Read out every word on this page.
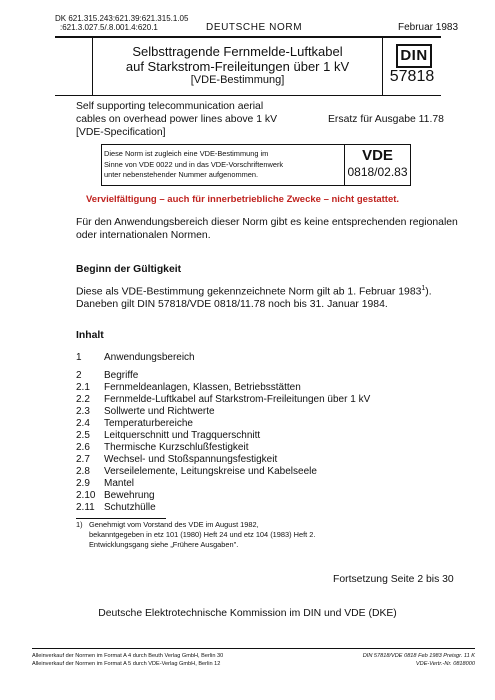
DK 621.315.243:621.39:621.315.1.05
:621.3.027.5/.8.001.4:620.1	DEUTSCHE NORM	Februar 1983
Selbsttragende Fernmelde-Luftkabel
auf Starkstrom-Freileitungen über 1 kV
[VDE-Bestimmung]
DIN
57818
Self supporting telecommunication aerial
cables on overhead power lines above 1 kV
[VDE-Specification]
Ersatz für Ausgabe 11.78
Diese Norm ist zugleich eine VDE-Bestimmung im
Sinne von VDE 0022 und in das VDE-Vorschriftenwerk
unter nebenstehender Nummer aufgenommen.
VDE
0818/02.83
Vervielfältigung – auch für innerbetriebliche Zwecke – nicht gestattet.
Für den Anwendungsbereich dieser Norm gibt es keine entsprechenden regionalen
oder internationalen Normen.
Beginn der Gültigkeit
Diese als VDE-Bestimmung gekennzeichnete Norm gilt ab 1. Februar 1983$^1$).
Daneben gilt DIN 57818/VDE 0818/11.78 noch bis 31. Januar 1984.
Inhalt
1 Anwendungsbereich
2 Begriffe
2.1 Fernmeldeanlagen, Klassen, Betriebsstätten
2.2 Fernmelde-Luftkabel auf Starkstrom-Freileitungen über 1 kV
2.3 Sollwerte und Richtwerte
2.4 Temperaturbereiche
2.5 Leitquerschnitt und Tragquerschnitt
2.6 Thermische Kurzschlußfestigkeit
2.7 Wechsel- und Stoßspannungsfestigkeit
2.8 Verseilelemente, Leitungskreise und Kabelseele
2.9 Mantel
2.10 Bewehrung
2.11 Schutzhülle
1) Genehmigt vom Vorstand des VDE im August 1982,
bekanntgegeben in etz 101 (1980) Heft 24 und etz 104 (1983) Heft 2.
Entwicklungsgang siehe „Frühere Ausgaben".
Fortsetzung Seite 2 bis 30
Deutsche Elektrotechnische Kommission im DIN und VDE (DKE)
Alleinverkauf der Normen im Format A 4 durch Beuth Verlag GmbH, Berlin 30
Alleinverkauf der Normen im Format A 5 durch VDE-Verlag GmbH, Berlin 12
DIN 57818/VDE 0818 Feb 1983 Preisgr. 11 K
VDE-Vertr.-Nr. 0818000
